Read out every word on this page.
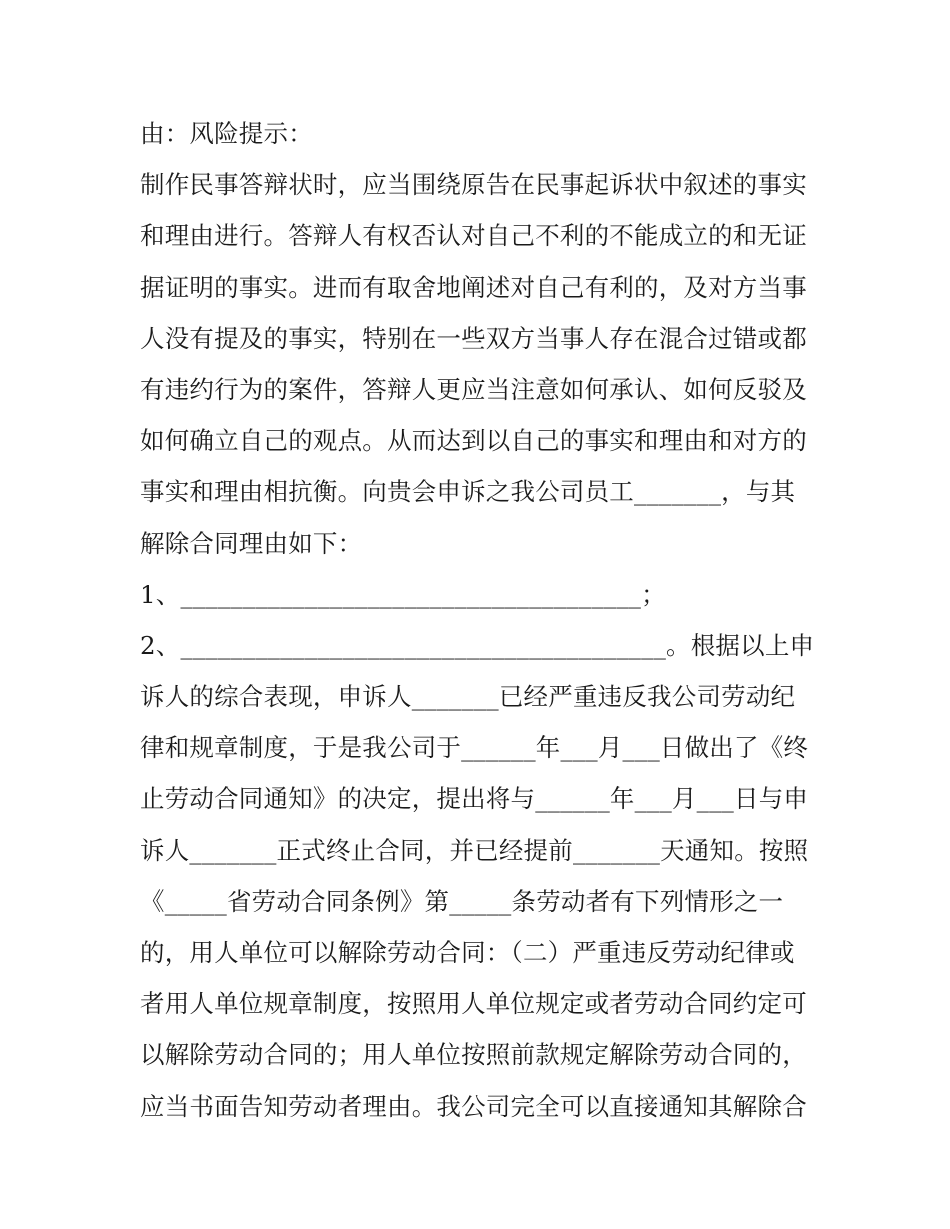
由：风险提示：
制作民事答辩状时，应当围绕原告在民事起诉状中叙述的事实
和理由进行。答辩人有权否认对自己不利的不能成立的和无证
据证明的事实。进而有取舍地阐述对自己有利的，及对方当事
人没有提及的事实，特别在一些双方当事人存在混合过错或都
有违约行为的案件，答辩人更应当注意如何承认、如何反驳及
如何确立自己的观点。从而达到以自己的事实和理由和对方的
事实和理由相抗衡。向贵会申诉之我公司员工_______，与其
解除合同理由如下：
1、_____________________________________；
2、_______________________________________。根据以上申
诉人的综合表现，申诉人_______已经严重违反我公司劳动纪
律和规章制度，于是我公司于______年___月___日做出了《终
止劳动合同通知》的决定，提出将与______年___月___日与申
诉人_______正式终止合同，并已经提前_______天通知。按照
《_____省劳动合同条例》第_____条劳动者有下列情形之一
的，用人单位可以解除劳动合同：（二）严重违反劳动纪律或
者用人单位规章制度，按照用人单位规定或者劳动合同约定可
以解除劳动合同的；用人单位按照前款规定解除劳动合同的，
应当书面告知劳动者理由。我公司完全可以直接通知其解除合
